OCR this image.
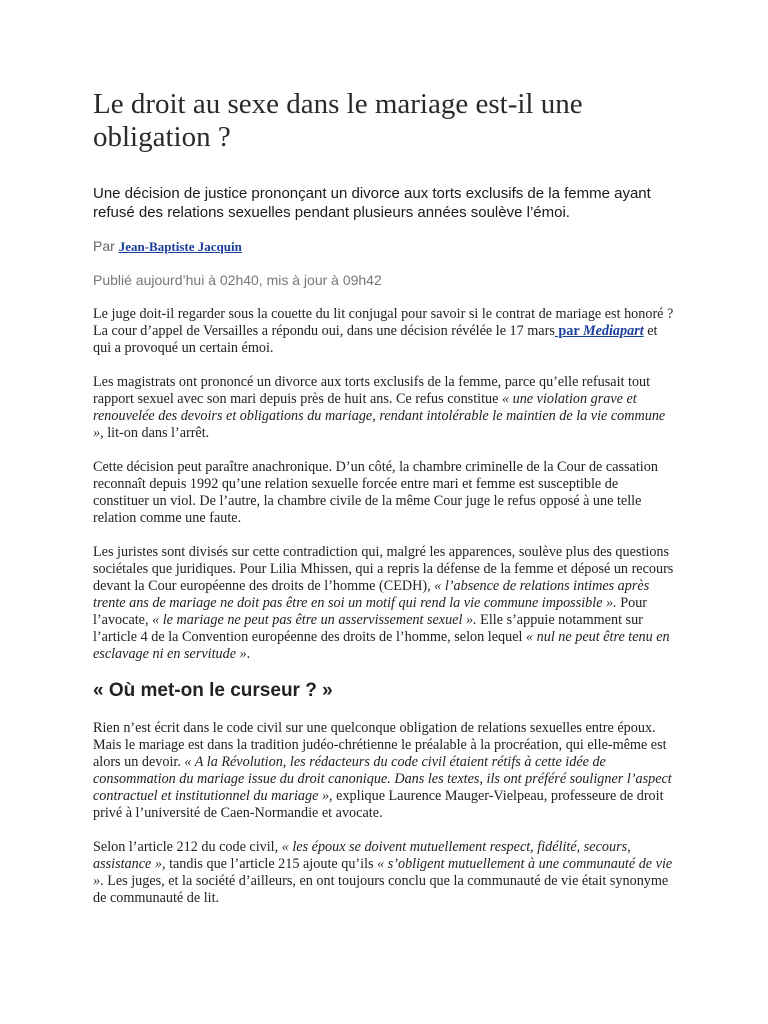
Le droit au sexe dans le mariage est-il une obligation ?

Une décision de justice prononçant un divorce aux torts exclusifs de la femme ayant refusé des relations sexuelles pendant plusieurs années soulève l’émoi.

Par Jean-Baptiste Jacquin
Publié aujourd’hui à 02h40, mis à jour à 09h42

Le juge doit-il regarder sous la couette du lit conjugal pour savoir si le contrat de mariage est honoré ? La cour d’appel de Versailles a répondu oui, dans une décision révélée le 17 mars par Mediapart et qui a provoqué un certain émoi.

Les magistrats ont prononcé un divorce aux torts exclusifs de la femme, parce qu’elle refusait tout rapport sexuel avec son mari depuis près de huit ans. Ce refus constitue « une violation grave et renouvelée des devoirs et obligations du mariage, rendant intolérable le maintien de la vie commune », lit-on dans l’arrêt.

Cette décision peut paraître anachronique. D’un côté, la chambre criminelle de la Cour de cassation reconnaît depuis 1992 qu’une relation sexuelle forcée entre mari et femme est susceptible de constituer un viol. De l’autre, la chambre civile de la même Cour juge le refus opposé à une telle relation comme une faute.

Les juristes sont divisés sur cette contradiction qui, malgré les apparences, soulève plus des questions sociétales que juridiques. Pour Lilia Mhissen, qui a repris la défense de la femme et déposé un recours devant la Cour européenne des droits de l’homme (CEDH), « l’absence de relations intimes après trente ans de mariage ne doit pas être en soi un motif qui rend la vie commune impossible ». Pour l’avocate, « le mariage ne peut pas être un asservissement sexuel ». Elle s’appuie notamment sur l’article 4 de la Convention européenne des droits de l’homme, selon lequel « nul ne peut être tenu en esclavage ni en servitude ».

« Où met-on le curseur ? »

Rien n’est écrit dans le code civil sur une quelconque obligation de relations sexuelles entre époux. Mais le mariage est dans la tradition judéo-chrétienne le préalable à la procréation, qui elle-même est alors un devoir. « A la Révolution, les rédacteurs du code civil étaient rétifs à cette idée de consommation du mariage issue du droit canonique. Dans les textes, ils ont préféré souligner l’aspect contractuel et institutionnel du mariage », explique Laurence Mauger-Vielpeau, professeure de droit privé à l’université de Caen-Normandie et avocate.

Selon l’article 212 du code civil, « les époux se doivent mutuellement respect, fidélité, secours, assistance », tandis que l’article 215 ajoute qu’ils « s’obligent mutuellement à une communauté de vie ». Les juges, et la société d’ailleurs, en ont toujours conclu que la communauté de vie était synonyme de communauté de lit.
